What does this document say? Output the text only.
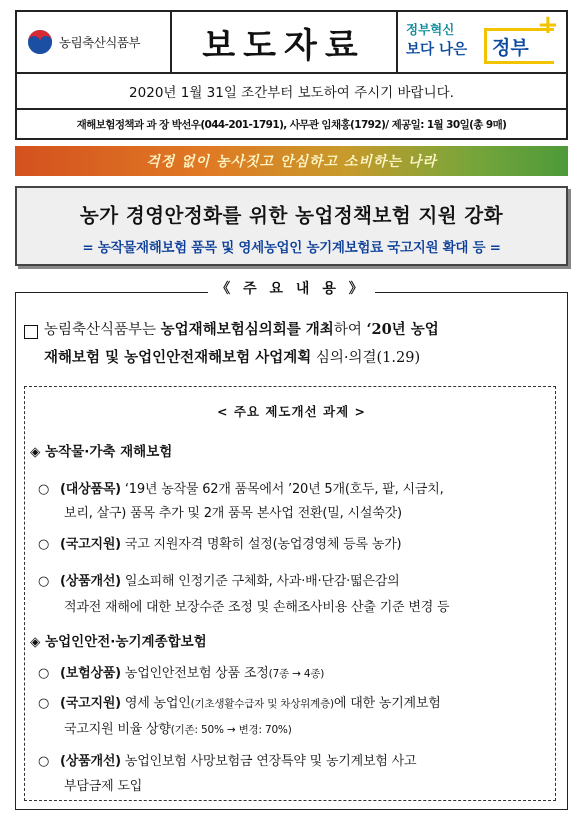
농림축산식품부	보도자료	정부혁신
보다 나은 정부
+
2020년 1월 31일 조간부터 보도하여 주시기 바랍니다.
재해보험정책과 과 장 박선우(044-201-1791), 사무관 임채홍(1792)/ 제공일: 1월 30일(총 9매)
걱정 없이 농사짓고 안심하고 소비하는 나라
농가 경영안정화를 위한 농업정책보험 지원 강화
= 농작물재해보험 품목 및 영세농업인 농기계보험료 국고지원 확대 등 =
《 주 요 내 용 》
농림축산식품부는 농업재해보험심의회를 개최하여 ‘20년 농업
재해보험 및 농업인안전재해보험 사업계획 심의·의결(1.29)
< 주요 제도개선 과제 >
◈ 농작물·가축 재해보험
○ (대상품목) ‘19년 농작물 62개 품목에서 ’20년 5개(호두, 팥, 시금치,
보리, 살구) 품목 추가 및 2개 품목 본사업 전환(밀, 시설쑥갓)
○ (국고지원) 국고 지원자격 명확히 설정(농업경영체 등록 농가)
○ (상품개선) 일소피해 인정기준 구체화, 사과·배·단감·떫은감의
적과전 재해에 대한 보장수준 조정 및 손해조사비용 산출 기준 변경 등
◈ 농업인안전·농기계종합보험
○ (보험상품) 농업인안전보험 상품 조정(7종 → 4종)
○ (국고지원) 영세 농업인(기초생활수급자 및 차상위계층)에 대한 농기계보험
국고지원 비율 상향(기존: 50% → 변경: 70%)
○ (상품개선) 농업인보험 사망보험금 연장특약 및 농기계보험 사고
부담금제 도입
